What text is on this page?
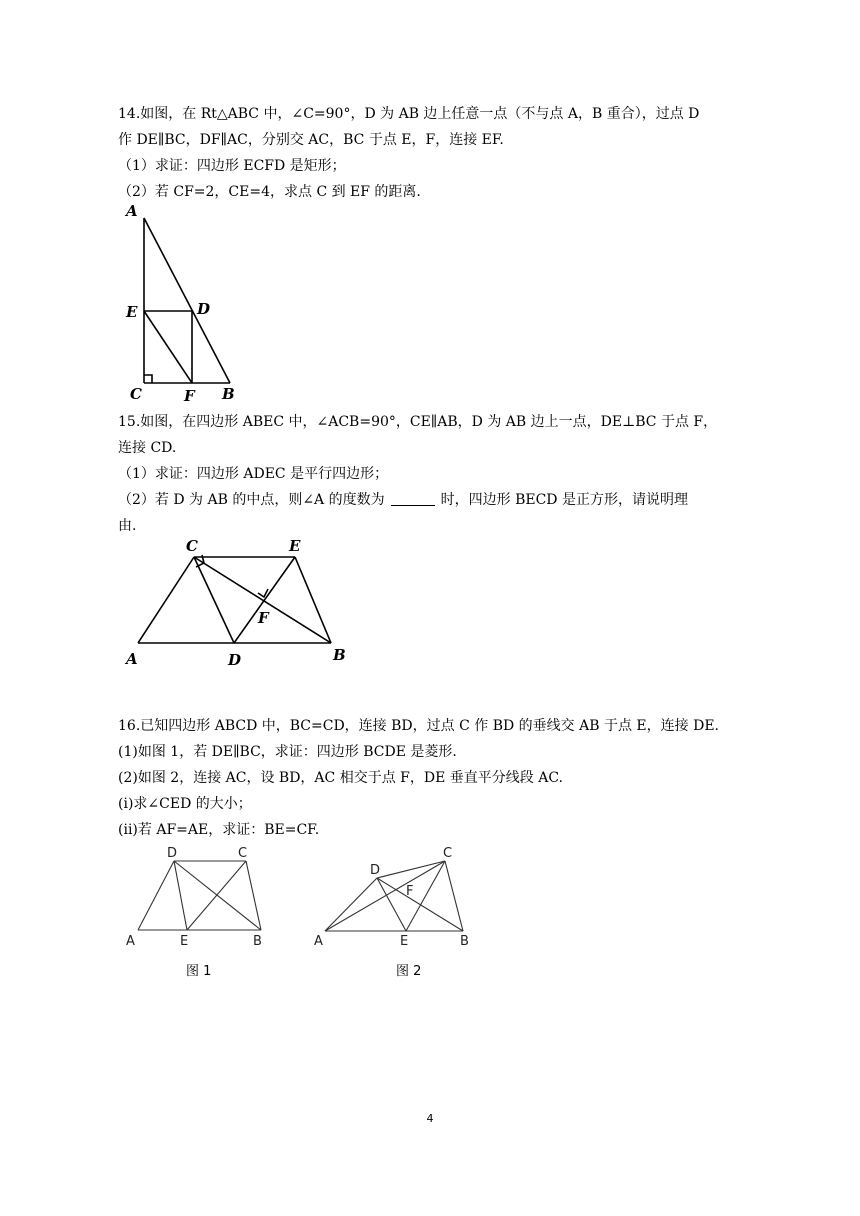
14.如图，在 Rt△ABC 中，∠C=90°，D 为 AB 边上任意一点（不与点 A，B 重合），过点 D
作 DE∥BC，DF∥AC，分别交 AC，BC 于点 E，F，连接 EF.
（1）求证：四边形 ECFD 是矩形；
（2）若 CF=2，CE=4，求点 C 到 EF 的距离.
A
E	D
C	F B
15.如图，在四边形 ABEC 中，∠ACB=90°，CE∥AB，D 为 AB 边上一点，DE⊥BC 于点 F，
连接 CD.
（1）求证：四边形 ADEC 是平行四边形；
（2）若 D 为 AB 的中点，则∠A 的度数为	时，四边形 BECD 是正方形，请说明理
由.
C	E
F
A	D	B
16.已知四边形 ABCD 中，BC=CD，连接 BD，过点 C 作 BD 的垂线交 AB 于点 E，连接 DE.
(1)如图 1，若 DE∥BC，求证：四边形 BCDE 是菱形.
(2)如图 2，连接 AC，设 BD，AC 相交于点 F，DE 垂直平分线段 AC.
(ⅰ)求∠CED 的大小；
(ⅱ)若 AF=AE，求证：BE=CF.
D	C
A	E	B
图 1
D
C
F
A	E	B
图 2
4
